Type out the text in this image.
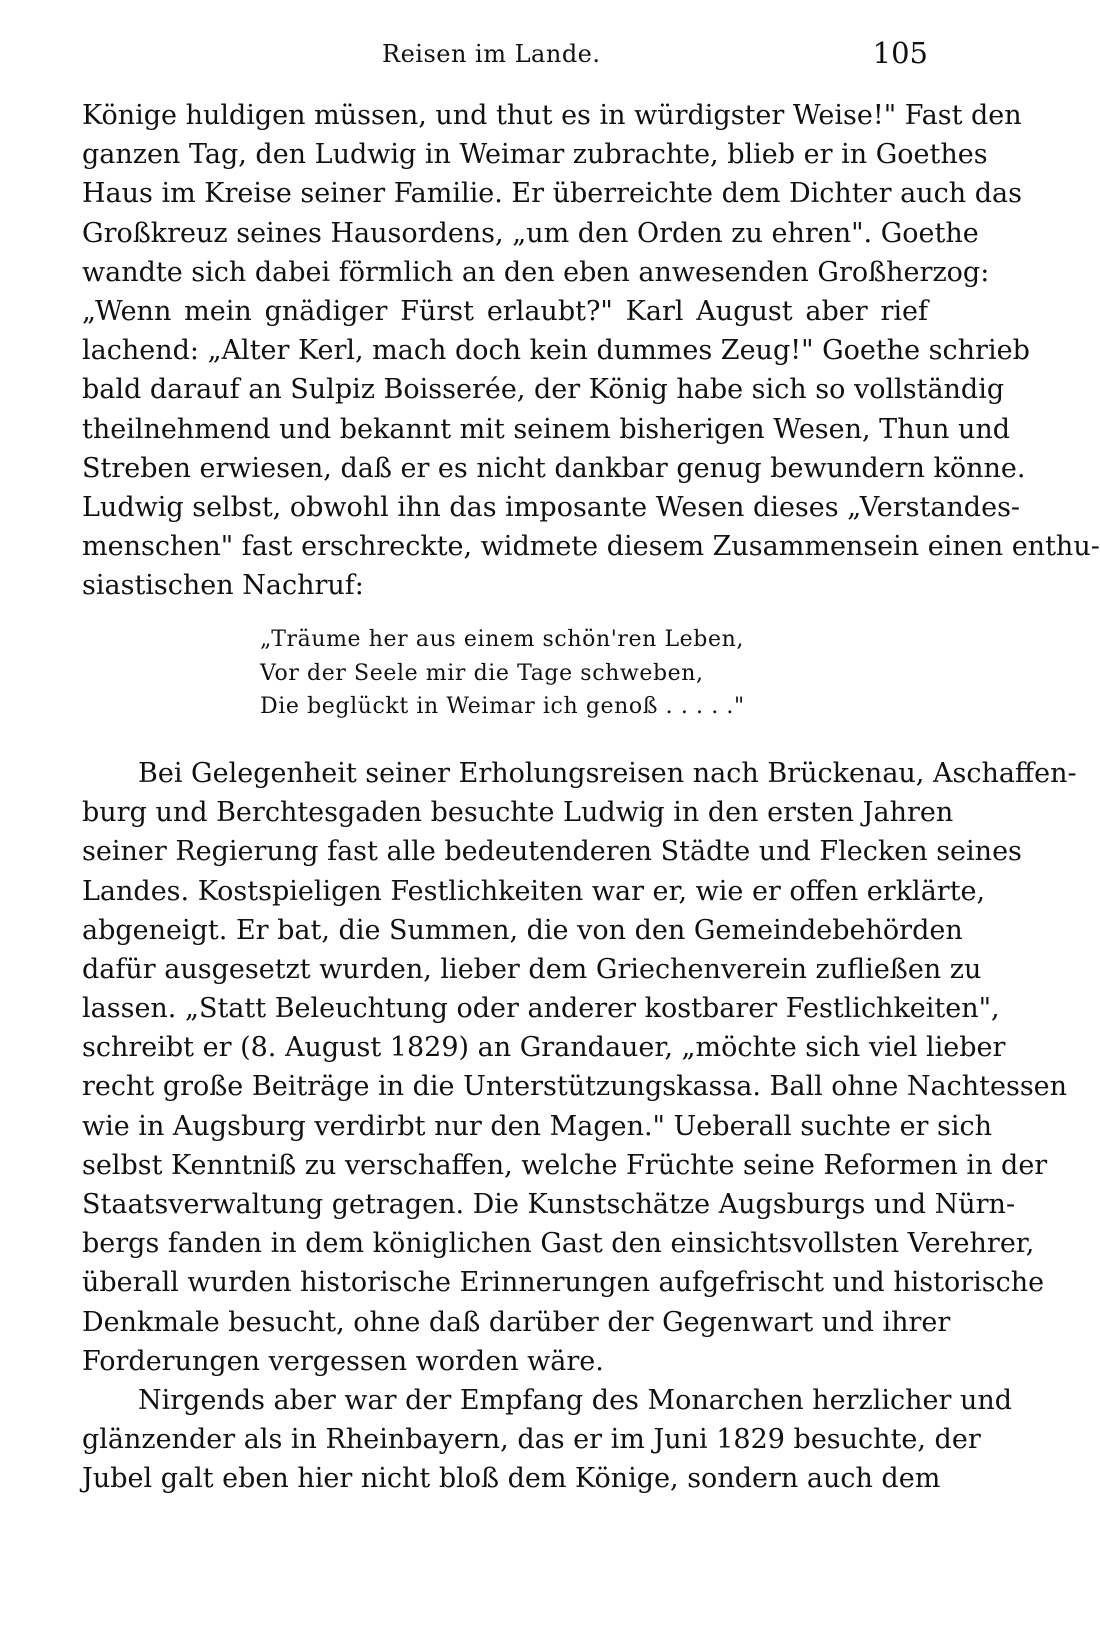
Reisen im Lande.	105
Könige huldigen müssen, und thut es in würdigster Weise!" Fast den
ganzen Tag, den Ludwig in Weimar zubrachte, blieb er in Goethes
Haus im Kreise seiner Familie. Er überreichte dem Dichter auch das
Großkreuz seines Hausordens, „um den Orden zu ehren". Goethe
wandte sich dabei förmlich an den eben anwesenden Großherzog:
„Wenn mein gnädiger Fürst erlaubt?" Karl August aber rief
lachend: „Alter Kerl, mach doch kein dummes Zeug!" Goethe schrieb
bald darauf an Sulpiz Boisserée, der König habe sich so vollständig
theilnehmend und bekannt mit seinem bisherigen Wesen, Thun und
Streben erwiesen, daß er es nicht dankbar genug bewundern könne.
Ludwig selbst, obwohl ihn das imposante Wesen dieses „Verstandes-
menschen" fast erschreckte, widmete diesem Zusammensein einen enthu-
siastischen Nachruf:
„Träume her aus einem schön'ren Leben,
Vor der Seele mir die Tage schweben,
Die beglückt in Weimar ich genoß . . . . ."
Bei Gelegenheit seiner Erholungsreisen nach Brückenau, Aschaffen-
burg und Berchtesgaden besuchte Ludwig in den ersten Jahren
seiner Regierung fast alle bedeutenderen Städte und Flecken seines
Landes. Kostspieligen Festlichkeiten war er, wie er offen erklärte,
abgeneigt. Er bat, die Summen, die von den Gemeindebehörden
dafür ausgesetzt wurden, lieber dem Griechenverein zufließen zu
lassen. „Statt Beleuchtung oder anderer kostbarer Festlichkeiten",
schreibt er (8. August 1829) an Grandauer, „möchte sich viel lieber
recht große Beiträge in die Unterstützungskassa. Ball ohne Nachtessen
wie in Augsburg verdirbt nur den Magen." Ueberall suchte er sich
selbst Kenntniß zu verschaffen, welche Früchte seine Reformen in der
Staatsverwaltung getragen. Die Kunstschätze Augsburgs und Nürn-
bergs fanden in dem königlichen Gast den einsichtsvollsten Verehrer,
überall wurden historische Erinnerungen aufgefrischt und historische
Denkmale besucht, ohne daß darüber der Gegenwart und ihrer
Forderungen vergessen worden wäre.
Nirgends aber war der Empfang des Monarchen herzlicher und
glänzender als in Rheinbayern, das er im Juni 1829 besuchte, der
Jubel galt eben hier nicht bloß dem Könige, sondern auch dem
